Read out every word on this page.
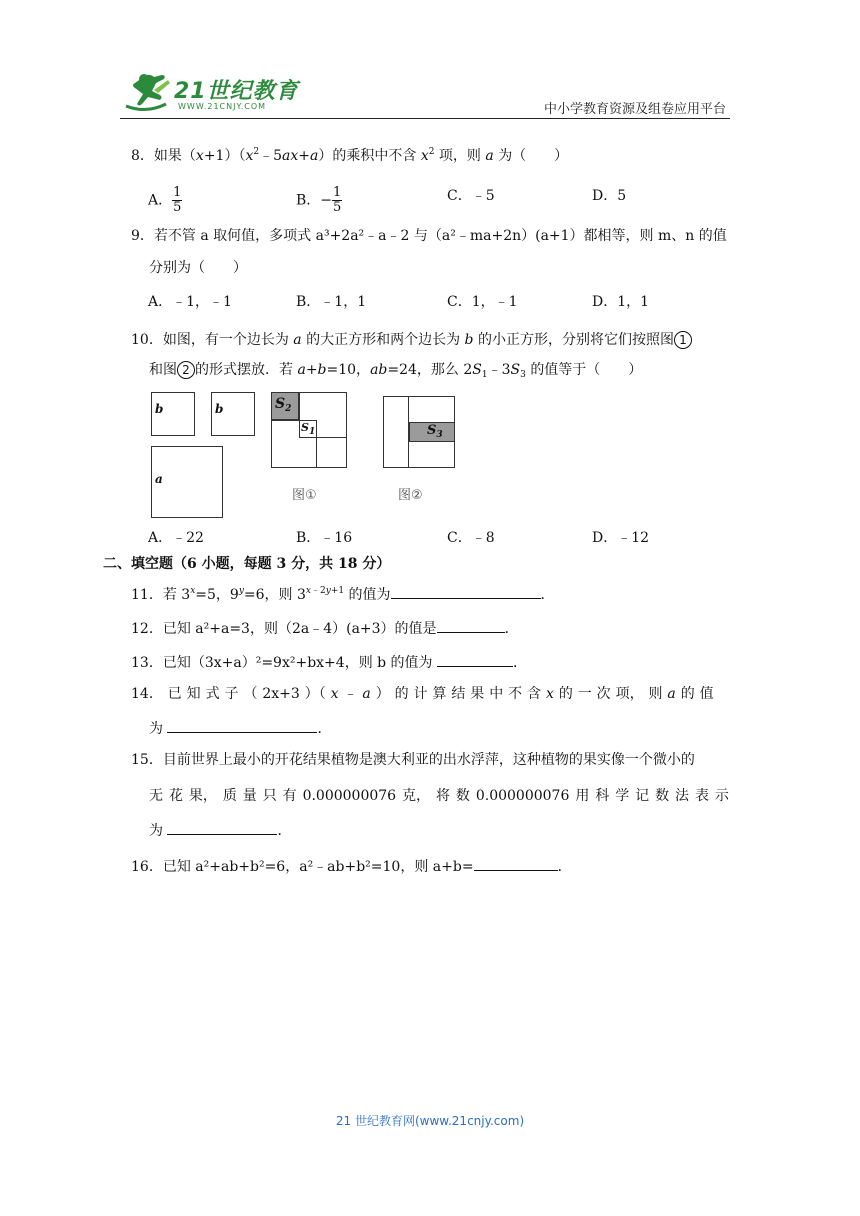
21世纪教育
WWW.21CNJY.COM	中小学教育资源及组卷应用平台
8．如果$(x+1)(x^2﹣5ax+a)$的乘积中不含 $x^2$ 项，则 a 为（　　）
A． $\frac{1}{5}$	B．− $\frac{1}{5}$	C．﹣5	D．5
9．若不管 a 取何值，多项式 a³+2a²﹣a﹣2 与（a²﹣ma+2n）(a+1）都相等，则 m、n 的值
分别为（　　）
A．﹣1，﹣1	B．﹣1，1	C．1，﹣1	D．1，1
10．如图，有一个边长为 a 的大正方形和两个边长为 b 的小正方形，分别将它们按照图 1
和图 2 的形式摆放．若 a+b=10，ab=24，那么 $2S_1﹣3S_3$ 的值等于（　　）
b	b
a
$S_2$
$S_1$
图①
$S_3$
图②
A．﹣22	B．﹣16	C．﹣8	D．﹣12
二、填空题（6 小题，每题 3 分，共 18 分）
11．若 $3^x=5$，$9^y=6$，则 $3^{x﹣2y+1}$ 的值为	．
12．已知 a²+a=3，则（2a﹣4）(a+3）的值是	．
13．已知（3x+a）²=9x²+bx+4，则 b 的值为	．
14． 已 知 式 子 （ 2x+3 ）（ x ﹣ a ） 的 计 算 结 果 中 不 含 x 的 一 次 项， 则 a 的 值
为	．
15．目前世界上最小的开花结果植物是澳大利亚的出水浮萍，这种植物的果实像一个微小的
无 花 果， 质 量 只 有 0.000000076 克， 将 数 0.000000076 用 科 学 记 数 法 表 示
为	．
16．已知 a²+ab+b²=6，a²﹣ab+b²=10，则 a+b=	．
21 世纪教育网(www.21cnjy.com)
